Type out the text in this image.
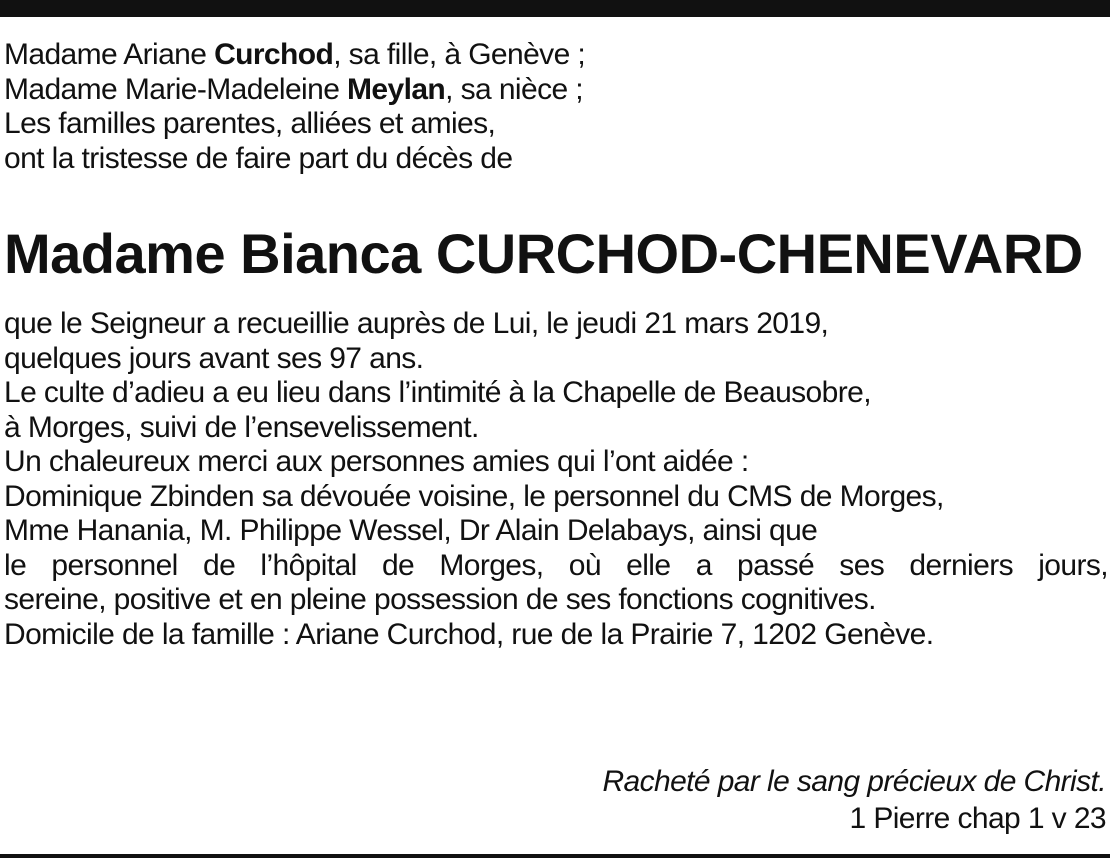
Madame Ariane Curchod, sa fille, à Genève ;
Madame Marie-Madeleine Meylan, sa nièce ;
Les familles parentes, alliées et amies,
ont la tristesse de faire part du décès de
Madame Bianca CURCHOD-CHENEVARD
que le Seigneur a recueillie auprès de Lui, le jeudi 21 mars 2019,
quelques jours avant ses 97 ans.
Le culte d’adieu a eu lieu dans l’intimité à la Chapelle de Beausobre,
à Morges, suivi de l’ensevelissement.
Un chaleureux merci aux personnes amies qui l’ont aidée :
Dominique Zbinden sa dévouée voisine, le personnel du CMS de Morges,
Mme Hanania, M. Philippe Wessel, Dr Alain Delabays, ainsi que
le personnel de l’hôpital de Morges, où elle a passé ses derniers jours,
sereine, positive et en pleine possession de ses fonctions cognitives.
Domicile de la famille : Ariane Curchod, rue de la Prairie 7, 1202 Genève.
Racheté par le sang précieux de Christ.
1 Pierre chap 1 v 23
